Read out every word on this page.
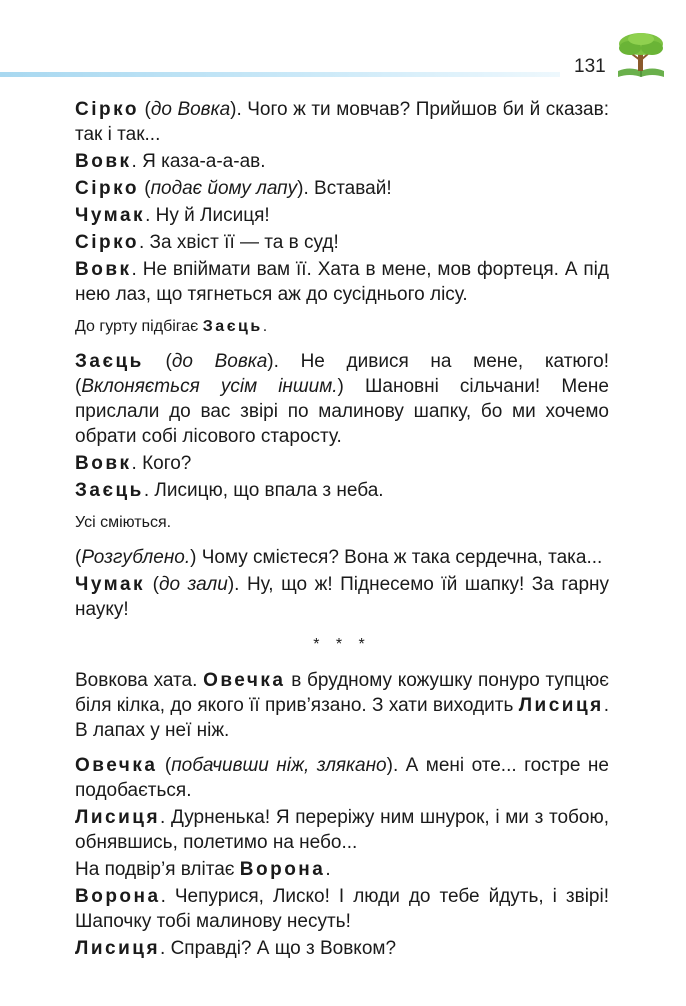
131
Сірко (до Вовка). Чого ж ти мовчав? Прийшов би й сказав: так і так...
Вовк. Я каза-а-а-ав.
Сірко (подає йому лапу). Вставай!
Чумак. Ну й Лисиця!
Сірко. За хвіст її — та в суд!
Вовк. Не впіймати вам її. Хата в мене, мов фортеця. А під нею лаз, що тягнеться аж до сусіднього лісу.
До гурту підбігає Заєць.
Заєць (до Вовка). Не дивися на мене, катюго! (Вклоняється усім іншим.) Шановні сільчани! Мене прислали до вас звірі по малинову шапку, бо ми хочемо обрати собі лісового старосту.
Вовк. Кого?
Заєць. Лисицю, що впала з неба.
Усі сміються.
(Розгублено.) Чому смієтеся? Вона ж така сердечна, така...
Чумак (до зали). Ну, що ж! Піднесемо їй шапку! За гарну науку!
* * *
Вовкова хата. Овечка в брудному кожушку понуро тупцює біля кілка, до якого її прив’язано. З хати виходить Лисиця. В лапах у неї ніж.
Овечка (побачивши ніж, злякано). А мені оте... гостре не подобається.
Лисиця. Дурненька! Я переріжу ним шнурок, і ми з тобою, обнявшись, полетимо на небо...
На подвір’я влітає Ворона.
Ворона. Чепурися, Лиско! І люди до тебе йдуть, і звірі! Шапочку тобі малинову несуть!
Лисиця. Справді? А що з Вовком?
